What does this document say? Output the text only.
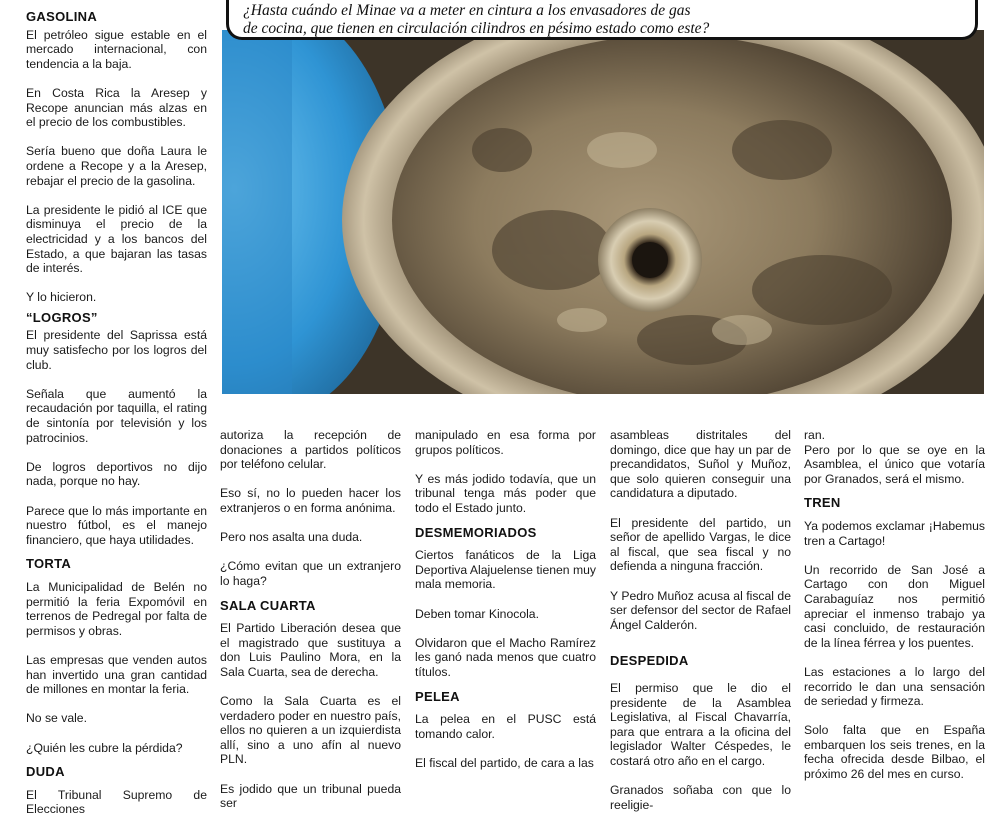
¿Hasta cuándo el Minae va a meter en cintura a los envasadores de gas
de cocina, que tienen en circulación cilindros en pésimo estado como este?
GASOLINA

El petróleo sigue estable en el mercado internacional, con tendencia a la baja.

En Costa Rica la Aresep y Recope anuncian más alzas en el precio de los combustibles.

Sería bueno que doña Laura le ordene a Recope y a la Aresep, rebajar el precio de la gasolina.

La presidente le pidió al ICE que disminuya el precio de la electricidad y a los bancos del Estado, a que bajaran las tasas de interés.

Y lo hicieron.

“LOGROS”

El presidente del Saprissa está muy satisfecho por los logros del club.

Señala que aumentó la recaudación por taquilla, el rating de sintonía por televisión y los patrocinios.

De logros deportivos no dijo nada, porque no hay.

Parece que lo más importante en nuestro fútbol, es el manejo financiero, que haya utilidades.

TORTA

La Municipalidad de Belén no permitió la feria Expomóvil en terrenos de Pedregal por falta de permisos y obras.

Las empresas que venden autos han invertido una gran cantidad de millones en montar la feria.

No se vale.

¿Quién les cubre la pérdida?

DUDA

El Tribunal Supremo de Elecciones

autoriza la recepción de donaciones a partidos políticos por teléfono celular.

Eso sí, no lo pueden hacer los extranjeros o en forma anónima.

Pero nos asalta una duda.

¿Cómo evitan que un extranjero lo haga?

SALA CUARTA

El Partido Liberación desea que el magistrado que sustituya a don Luis Paulino Mora, en la Sala Cuarta, sea de derecha.

Como la Sala Cuarta es el verdadero poder en nuestro país, ellos no quieren a un izquierdista allí, sino a uno afín al nuevo PLN.

Es jodido que un tribunal pueda ser

manipulado en esa forma por grupos políticos.

Y es más jodido todavía, que un tribunal tenga más poder que todo el Estado junto.

DESMEMORIADOS

Ciertos fanáticos de la Liga Deportiva Alajuelense tienen muy mala memoria.

Deben tomar Kinocola.

Olvidaron que el Macho Ramírez les ganó nada menos que cuatro títulos.

PELEA

La pelea en el PUSC está tomando calor.

El fiscal del partido, de cara a las

asambleas distritales del domingo, dice que hay un par de precandidatos, Suñol y Muñoz, que solo quieren conseguir una candidatura a diputado.

El presidente del partido, un señor de apellido Vargas, le dice al fiscal, que sea fiscal y no defienda a ninguna fracción.

Y Pedro Muñoz acusa al fiscal de ser defensor del sector de Rafael Ángel Calderón.

DESPEDIDA

El permiso que le dio el presidente de la Asamblea Legislativa, al Fiscal Chavarría, para que entrara a la oficina del legislador Walter Céspedes, le costará otro año en el cargo.

Granados soñaba con que lo reeligie-

ran.

Pero por lo que se oye en la Asamblea, el único que votaría por Granados, será el mismo.

TREN

Ya podemos exclamar ¡Habemus tren a Cartago!

Un recorrido de San José a Cartago con don Miguel Carabaguíaz nos permitió apreciar el inmenso trabajo ya casi concluido, de restauración de la línea férrea y los puentes.

Las estaciones a lo largo del recorrido le dan una sensación de seriedad y firmeza.

Solo falta que en España embarquen los seis trenes, en la fecha ofrecida desde Bilbao, el próximo 26 del mes en curso.
